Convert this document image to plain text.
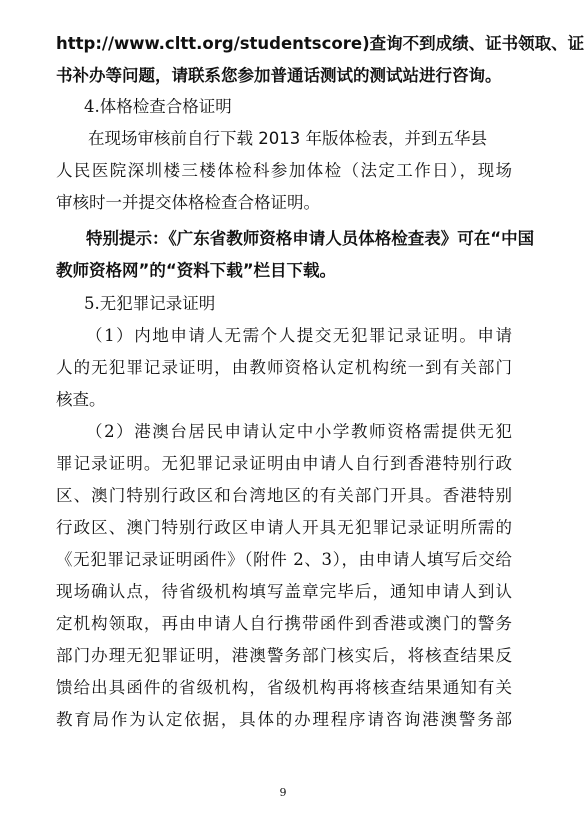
http://www.cltt.org/studentscore)查询不到成绩、证书领取、证
书补办等问题，请联系您参加普通话测试的测试站进行咨询。
4.体格检查合格证明
在现场审核前自行下载 2013 年版体检表，并到五华县
人民医院深圳楼三楼体检科参加体检（法定工作日），现场
审核时一并提交体格检查合格证明。
特别提示：《广东省教师资格申请人员体格检查表》可在“中国
教师资格网”的“资料下载”栏目下载。
5.无犯罪记录证明
（1）内地申请人无需个人提交无犯罪记录证明。申请
人的无犯罪记录证明，由教师资格认定机构统一到有关部门
核查。
（2）港澳台居民申请认定中小学教师资格需提供无犯
罪记录证明。无犯罪记录证明由申请人自行到香港特别行政
区、澳门特别行政区和台湾地区的有关部门开具。香港特别
行政区、澳门特别行政区申请人开具无犯罪记录证明所需的
《无犯罪记录证明函件》（附件 2、3），由申请人填写后交给
现场确认点，待省级机构填写盖章完毕后，通知申请人到认
定机构领取，再由申请人自行携带函件到香港或澳门的警务
部门办理无犯罪证明，港澳警务部门核实后，将核查结果反
馈给出具函件的省级机构，省级机构再将核查结果通知有关
教育局作为认定依据，具体的办理程序请咨询港澳警务部
9
